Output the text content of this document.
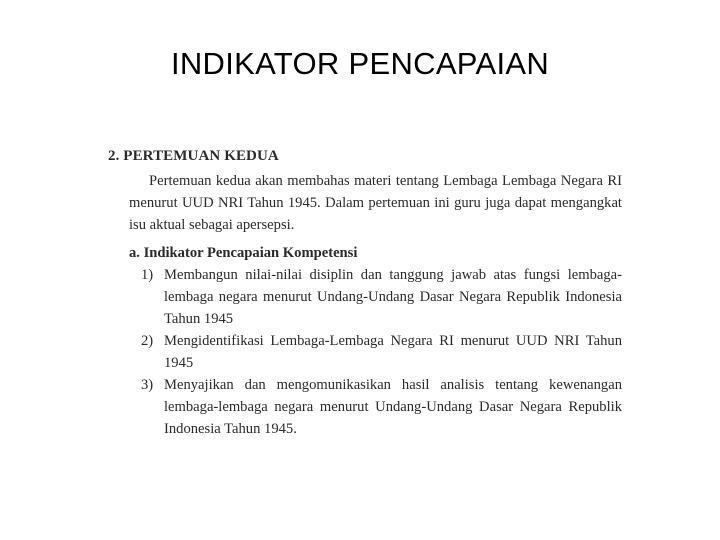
INDIKATOR PENCAPAIAN
2. PERTEMUAN KEDUA

Pertemuan kedua akan membahas materi tentang Lembaga Lembaga Negara RI menurut UUD NRI Tahun 1945. Dalam pertemuan ini guru juga dapat mengangkat isu aktual sebagai apersepsi.

a. Indikator Pencapaian Kompetensi
1) Membangun nilai-nilai disiplin dan tanggung jawab atas fungsi lembaga-lembaga negara menurut Undang-Undang Dasar Negara Republik Indonesia Tahun 1945
2) Mengidentifikasi Lembaga-Lembaga Negara RI menurut UUD NRI Tahun 1945
3) Menyajikan dan mengomunikasikan hasil analisis tentang kewenangan lembaga-lembaga negara menurut Undang-Undang Dasar Negara Republik Indonesia Tahun 1945.
